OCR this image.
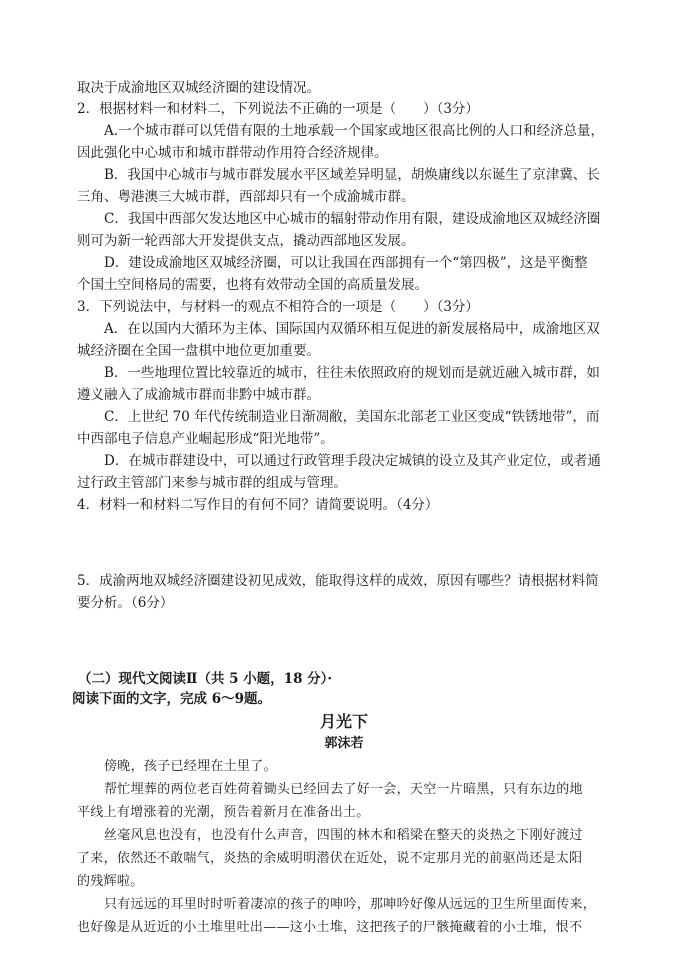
取决于成渝地区双城经济圈的建设情况。
2．根据材料一和材料二，下列说法不正确的一项是（　　）（3分）
A.一个城市群可以凭借有限的土地承载一个国家或地区很高比例的人口和经济总量，
因此强化中心城市和城市群带动作用符合经济规律。
B．我国中心城市与城市群发展水平区域差异明显，胡焕庸线以东诞生了京津冀、长
三角、粤港澳三大城市群，西部却只有一个成渝城市群。
C．我国中西部欠发达地区中心城市的辐射带动作用有限，建设成渝地区双城经济圈
则可为新一轮西部大开发提供支点，撬动西部地区发展。
D．建设成渝地区双城经济圈，可以让我国在西部拥有一个“第四极”，这是平衡整
个国土空间格局的需要，也将有效带动全国的高质量发展。
3．下列说法中，与材料一的观点不相符合的一项是（　　）（3分）
A．在以国内大循环为主体、国际国内双循环相互促进的新发展格局中，成渝地区双
城经济圈在全国一盘棋中地位更加重要。
B．一些地理位置比较靠近的城市，往往未依照政府的规划而是就近融入城市群，如
遵义融入了成渝城市群而非黔中城市群。
C．上世纪 70 年代传统制造业日渐凋敝，美国东北部老工业区变成“铁锈地带”，而
中西部电子信息产业崛起形成“阳光地带”。
D．在城市群建设中，可以通过行政管理手段决定城镇的设立及其产业定位，或者通
过行政主管部门来参与城市群的组成与管理。
4．材料一和材料二写作目的有何不同？请简要说明。（4分）
5．成渝两地双城经济圈建设初见成效，能取得这样的成效，原因有哪些？请根据材料简
要分析。（6分）
（二）现代文阅读Ⅱ（共 5 小题，18 分）·
阅读下面的文字，完成 6～9题。
月光下
郭沫若
傍晚，孩子已经埋在土里了。
帮忙埋葬的两位老百姓荷着锄头已经回去了好一会，天空一片暗黑，只有东边的地
平线上有增涨着的光潮，预告着新月在准备出土。
丝毫风息也没有，也没有什么声音，四围的林木和稻梁在整天的炎热之下刚好渡过
了来，依然还不敢喘气，炎热的余威明明潜伏在近处，说不定那月光的前驱尚还是太阳
的残辉啦。
只有远远的耳里时时听着凄凉的孩子的呻吟，那呻吟好像从远远的卫生所里面传来，
也好像是从近近的小土堆里吐出——这小土堆，这把孩子的尸骸掩藏着的小土堆，恨不
